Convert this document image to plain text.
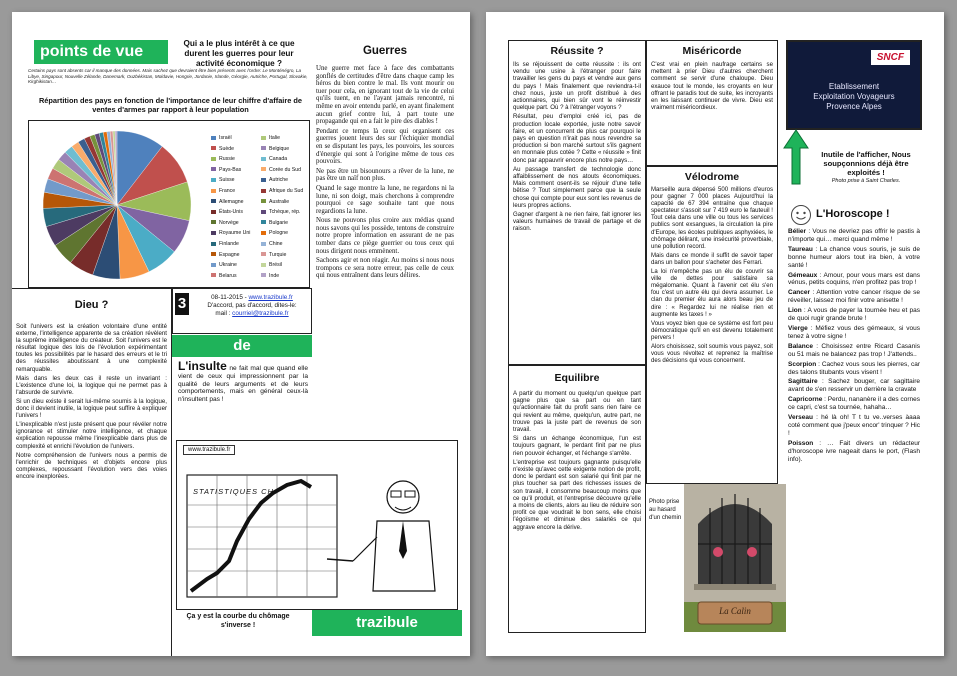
points de vue	Qui a le plus intérêt à ce que durent les guerres pour leur activité économique ?
Certains pays sont absents car il manque des données. Mais sachez que devraient être bien présents avec l'ordre: Le Monténégro, La Libye, Singapour, Nouvelle Zélande, Danemark, Ouzbékistan, Moldavie, Hongrie, Jordanie, Irlande, Géorgie, Autriche, Portugal, Slovakie, Kirghikistan…
Répartition des pays en fonction de l'importance de leur chiffre d'affaire de ventes d'armes par rapport à leur population
Israël
Suède
Russie
Pays-Bas
Suisse
France
Allemagne
États-Unis
Norvège
Royaume Uni
Finlande
Espagne
Ukraine
Belarus
Italie
Belgique
Canada
Corée du Sud
Autriche
Afrique du Sud
Australie
Tchèque, rép.
Bulgarie
Pologne
Chine
Turquie
Brésil
Inde
Guerres

Une guerre met face à face des combattants gonflés de certitudes d'être dans chaque camp les héros du bien contre le mal. Ils vont mourir ou tuer pour cela, en ignorant tout de la vie de celui qu'ils tuent, en ne l'ayant jamais rencontré, ni même en avoir entendu parlé, en ayant finalement aucun grief contre lui, à part toute une propagande qui en a fait le pire des diables !

Pendant ce temps là ceux qui organisent ces guerres jouent leurs des sur l'échiquier mondial en se disputant les pays, les pouvoirs, les sources d'énergie qui sont à l'origine même de tous ces pouvoirs.

Ne pas être un bisounours a rêver de la lune, ne pas être un naïf non plus.

Quand le sage montre la lune, ne regardons ni la lune, ni son doigt, mais cherchons à comprendre pourquoi ce sage souhaite tant que nous regardions la lune.

Nous ne pouvons plus croire aux médias quand nous savons qui les possède, tentons de construire notre propre information en assurant de ne pas tomber dans ce piège guerrier ou tous ceux qui nous dirigent nous emmènent.

Sachons agir et non réagir. Au moins si nous nous trompons ce sera notre erreur, pas celle de ceux qui nous entraînent dans leurs délires.

Dieu ?

Soit l'univers est la création volontaire d'une entité externe, l'intelligence apparente de sa création révèlent la suprême intelligence du créateur. Soit l'univers est le résultat logique des lois de l'évolution expérimentant toutes les possibilités par le hasard des erreurs et le tri des réussites aboutissant à une complexité remarquable.

Mais dans les deux cas il reste un invariant : L'existence d'une loi, la logique qui ne permet pas à l'absurde de survivre.

Si un dieu existe il serait lui-même soumis à la logique, donc il devient inutile, la logique peut suffire à expliquer l'univers !

L'inexplicable n'est juste présent que pour révéler notre ignorance et stimuler notre intelligence, et chaque explication repousse même l'inexplicable dans plus de complexité et enrichi l'évolution de l'univers.

Notre compréhension de l'univers nous a permis de l'enrichir de techniques et d'objets encore plus complexes, repoussant l'évolution vers des voies encore inexplorées.

3	08-11-2015 - www.trazibule.fr
D'accord, pas d'accord, dites-le:
mail : courriel@trazibule.fr
de
L'insulte ne fait mal que quand elle vient de ceux qui impressionnent par la qualité de leurs arguments et de leurs comportements, mais en général ceux-là n'insultent pas !
www.trazibule.fr
STATISTIQUES CH
Ça y est la courbe du chômage s'inverse !	trazibule
Réussite ?

Ils se réjouissent de cette réussite : ils ont vendu une usine à l'étranger pour faire travailler les gens du pays et vendre aux gens du pays ! Mais finalement que reviendra-t-il chez nous, juste un profit distribué à des actionnaires, qui bien sûr vont le réinvestir quelque part. Où ? à l'étranger voyons ?

Résultat, peu d'emploi créé ici, pas de production locale exportée, juste notre savoir faire, et un concurrent de plus car pourquoi le pays en question n'irait pas nous revendre sa production si bon marché surtout s'ils gagnent en monnaie plus cotée ? Cette « réussite » finit donc par appauvrir encore plus notre pays…

Au passage transfert de technologie donc affaiblissement de nos atouts économiques. Mais comment osent-ils se réjouir d'une telle bêtise ? Tout simplement parce que la seule chose qui compte pour eux sont les revenus de leurs propres actions.

Gagner d'argent à ne rien faire, fait ignorer les valeurs humaines de travail de partage et de raison.

Miséricorde
C'est vrai en plein naufrage certains se mettent à prier Dieu d'autres cherchent comment se servir d'une chaloupe. Dieu exauce tout le monde, les croyants en leur offrant le paradis tout de suite, les incroyants en les laissant continuer de vivre. Dieu est vraiment miséricordieux.
SNCF
Etablissement
Exploitation Voyageurs
Provence Alpes
Inutile de l'afficher, Nous soupçonnions déjà être exploités !
Photo prise à Saint Charles.
Vélodrome

Marseille aura dépensé 500 millions d'euros pour gagner 7 000 places Aujourd'hui la capacité de 67 394 entraîne que chaque spectateur s'assoit sur 7 419 euro le fauteuil ! Tout cela dans une ville ou tous les services publics sont exsangues, la circulation la pire d'Europe, les écoles publiques asphyxiées, le chômage délirant, une insécurité proverbiale, une pollution record.

Mais dans ce monde il suffit de savoir taper dans un ballon pour s'acheter des Ferrari.

La loi n'empêche pas un élu de couvrir sa ville de dettes pour satisfaire sa mégalomanie. Quant à l'avenir cet élu s'en fou c'est un autre élu qui devra assumer. Le clan du premier élu aura alors beau jeu de dire : « Regardez lui ne réalise rien et augmente les taxes ! »

Vous voyez bien que ce système est fort peu démocratique qu'il en est devenu totalement pervers !

Alors choisissez, soit soumis vous payez, soit vous vous révoltez et reprenez la maîtrise des décisions qui vous concernent.

Equilibre

A partir du moment ou quelqu'un quelque part gagne plus que sa part ou en tant qu'actionnaire fait du profit sans rien faire ce qui revient au même, quelqu'un, autre part, ne trouve pas la juste part de revenus de son travail.

Si dans un échange économique, l'un est toujours gagnant, le perdant finit par ne plus rien pouvoir échanger, et l'échange s'arrête.

L'entreprise est toujours gagnante puisqu'elle n'existe qu'avec cette exigente notion de profit, donc le perdant est son salarié qui finit par ne plus toucher sa part des richesses issues de son travail, il consomme beaucoup moins que ce qu'il produit, et l'entreprise découvre qu'elle a moins de clients, alors au lieu de réduire son profit ce que voudrait le bon sens, elle choisi l'égoïsme et diminue des salariés ce qui aggrave encore la dérive.

Photo prise au hasard d'un chemin
La Calin
L'Horoscope !

Bélier : Vous ne devriez pas offrir le pastis à n'importe qui… merci quand même !

Taureau : La chance vous souris, je suis de bonne humeur alors tout ira bien, à votre santé !

Gémeaux : Amour, pour vous mars est dans vénus, petits coquins, n'en profitez pas trop !

Cancer : Attention votre cancer risque de se réveiller, laissez moi finir votre anisette !

Lion : A vous de payer la tournée heu et pas de quoi rugir grande brute !

Vierge : Méfiez vous des gémeaux, si vous tenez à votre signe !

Balance : Choisissez entre Ricard Casanis ou 51 mais ne balancez pas trop ! J'attends..

Scorpion : Cachez vous sous les pierres, car des talons titubants vous visent !

Sagittaire : Sachez bouger, car sagittaire avant de s'en resservir un derrière la cravate

Capricorne : Perdu, nananère il a des cornes ce capri, c'est sa tournée, hahaha…

Verseau : hé là oh! T t tu ve..verses àaaa coté comment que j'peux encor' trinquer ? Hic !

Poisson : … Fait divers un rédacteur d'horoscope ivre nageait dans le port, (Flash info).
